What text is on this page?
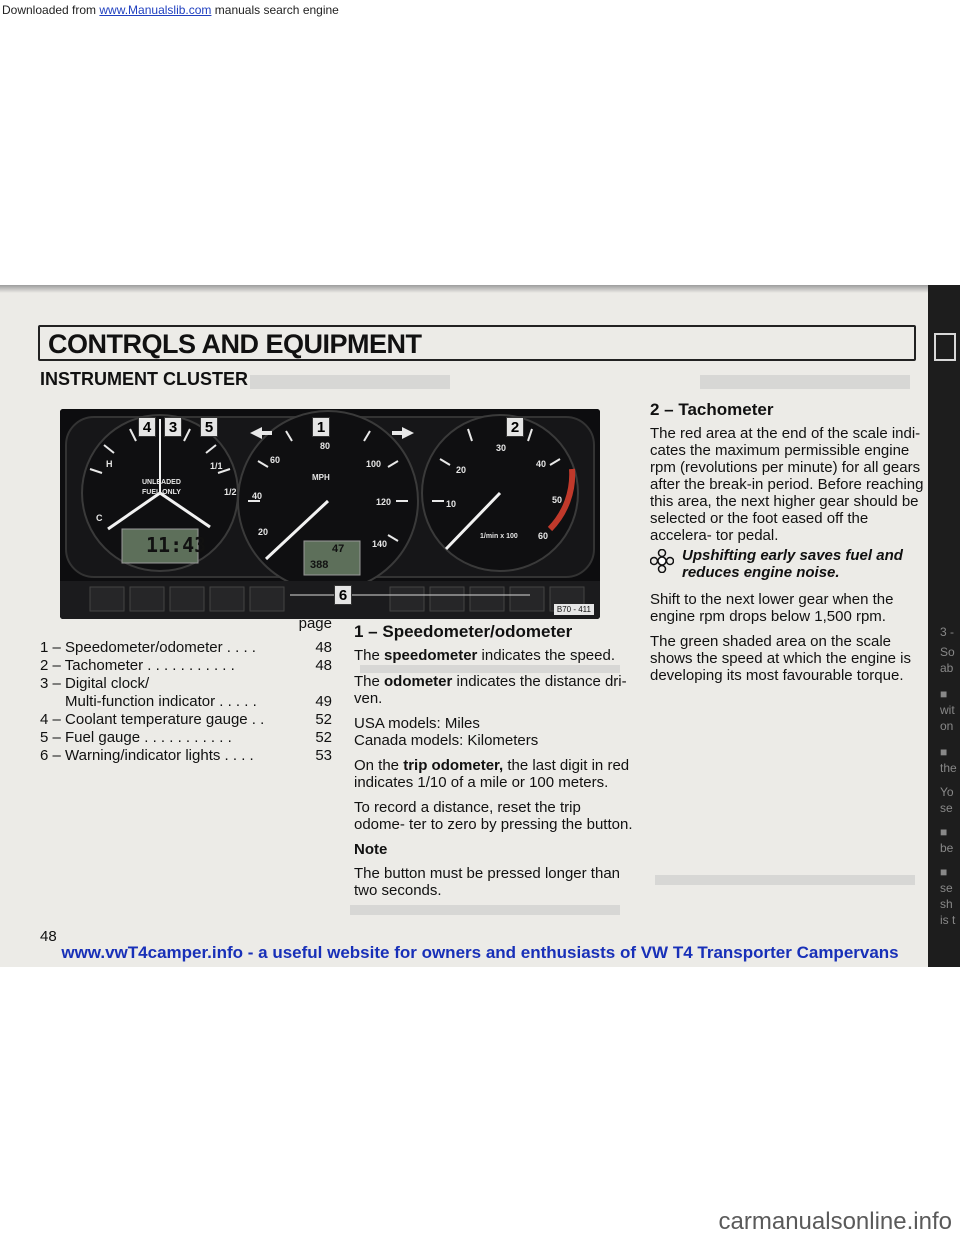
Downloaded from www.Manualslib.com manuals search engine
CONTRQLS AND EQUIPMENT
INSTRUMENT CLUSTER
4	3	5	1	2
6
H
C
1/1
1/2
UNLEADED
FUEL ONLY
11:43	47
388
60
80
100
120
140
20
40
MPH
20
30
40
50
60
10
1/min x 100
B70 - 411
page
1 – Speedometer/odometer . . . .	48
2 – Tachometer . . . . . . . . . . .	48
3 – Digital clock/
Multi-function indicator . . . . .	49
4 – Coolant temperature gauge . .	52
5 – Fuel gauge . . . . . . . . . . .	52
6 – Warning/indicator lights . . . .	53
1 – Speedometer/odometer

The speedometer indicates the speed.

The odometer indicates the distance dri- ven.

USA models: Miles

Canada models: Kilometers

On the trip odometer, the last digit in red indicates 1/10 of a mile or 100 meters.

To record a distance, reset the trip odome- ter to zero by pressing the button.

Note

The button must be pressed longer than two seconds.

2 – Tachometer

The red area at the end of the scale indi- cates the maximum permissible engine rpm (revolutions per minute) for all gears after the break-in period. Before reaching this area, the next higher gear should be selected or the foot eased off the accelera- tor pedal.

Upshifting early saves fuel and reduces engine noise.

Shift to the next lower gear when the engine rpm drops below 1,500 rpm.

The green shaded area on the scale shows the speed at which the engine is developing its most favourable torque.

3 -
So
ab
■
wit
on
■
the
Yo
se
■
be
■
se
sh
is t
48
www.vwT4camper.info - a useful website for owners and enthusiasts of VW T4 Transporter Campervans
carmanualsonline.info
